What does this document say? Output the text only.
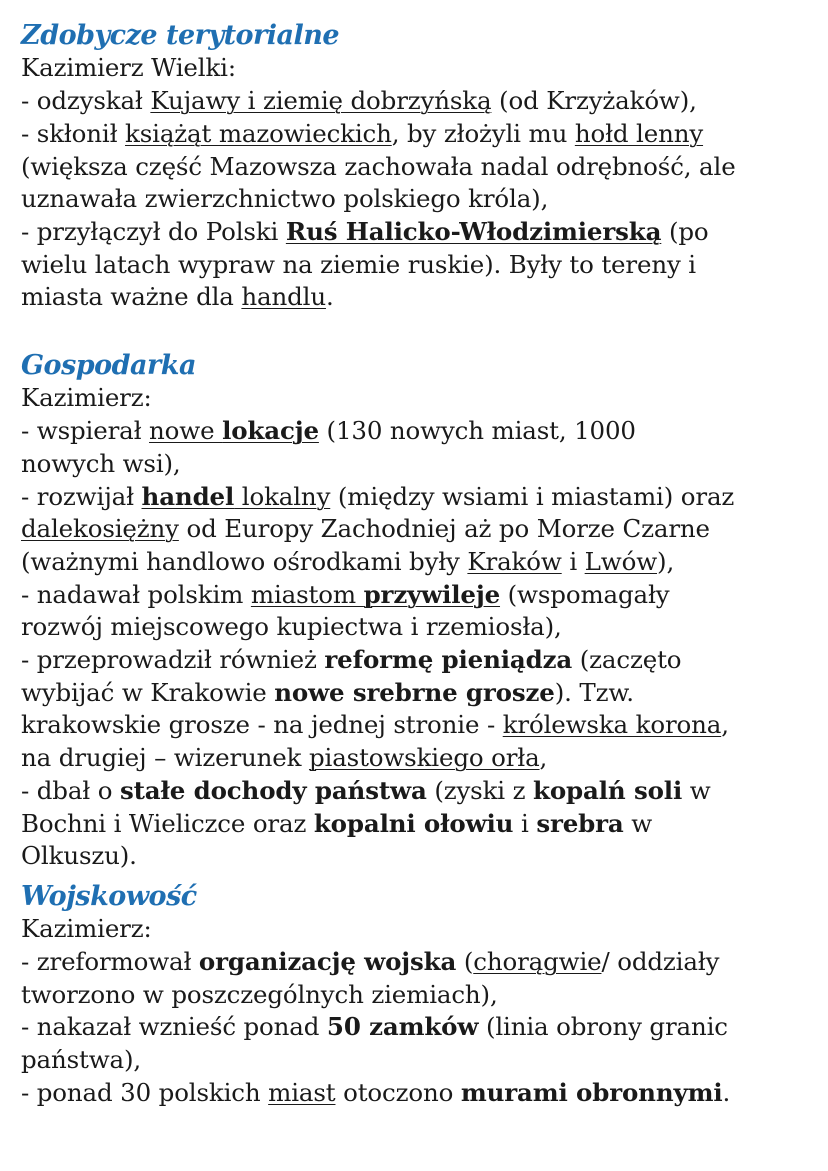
Zdobycze terytorialne
Kazimierz Wielki:
- odzyskał Kujawy i ziemię dobrzyńską (od Krzyżaków),
- skłonił książąt mazowieckich, by złożyli mu hołd lenny
(większa część Mazowsza zachowała nadal odrębność, ale
uznawała zwierzchnictwo polskiego króla),
- przyłączył do Polski Ruś Halicko-Włodzimierską (po
wielu latach wypraw na ziemie ruskie). Były to tereny i
miasta ważne dla handlu.
Gospodarka
Kazimierz:
- wspierał nowe lokacje (130 nowych miast, 1000
nowych wsi),
- rozwijał handel lokalny (między wsiami i miastami) oraz
dalekosiężny od Europy Zachodniej aż po Morze Czarne
(ważnymi handlowo ośrodkami były Kraków i Lwów),
- nadawał polskim miastom przywileje (wspomagały
rozwój miejscowego kupiectwa i rzemiosła),
- przeprowadził również reformę pieniądza (zaczęto
wybijać w Krakowie nowe srebrne grosze). Tzw.
krakowskie grosze - na jednej stronie - królewska korona,
na drugiej – wizerunek piastowskiego orła,
- dbał o stałe dochody państwa (zyski z kopalń soli w
Bochni i Wieliczce oraz kopalni ołowiu i srebra w
Olkuszu).
Wojskowość
Kazimierz:
- zreformował organizację wojska (chorągwie/ oddziały
tworzono w poszczególnych ziemiach),
- nakazał wznieść ponad 50 zamków (linia obrony granic
państwa),
- ponad 30 polskich miast otoczono murami obronnymi.
